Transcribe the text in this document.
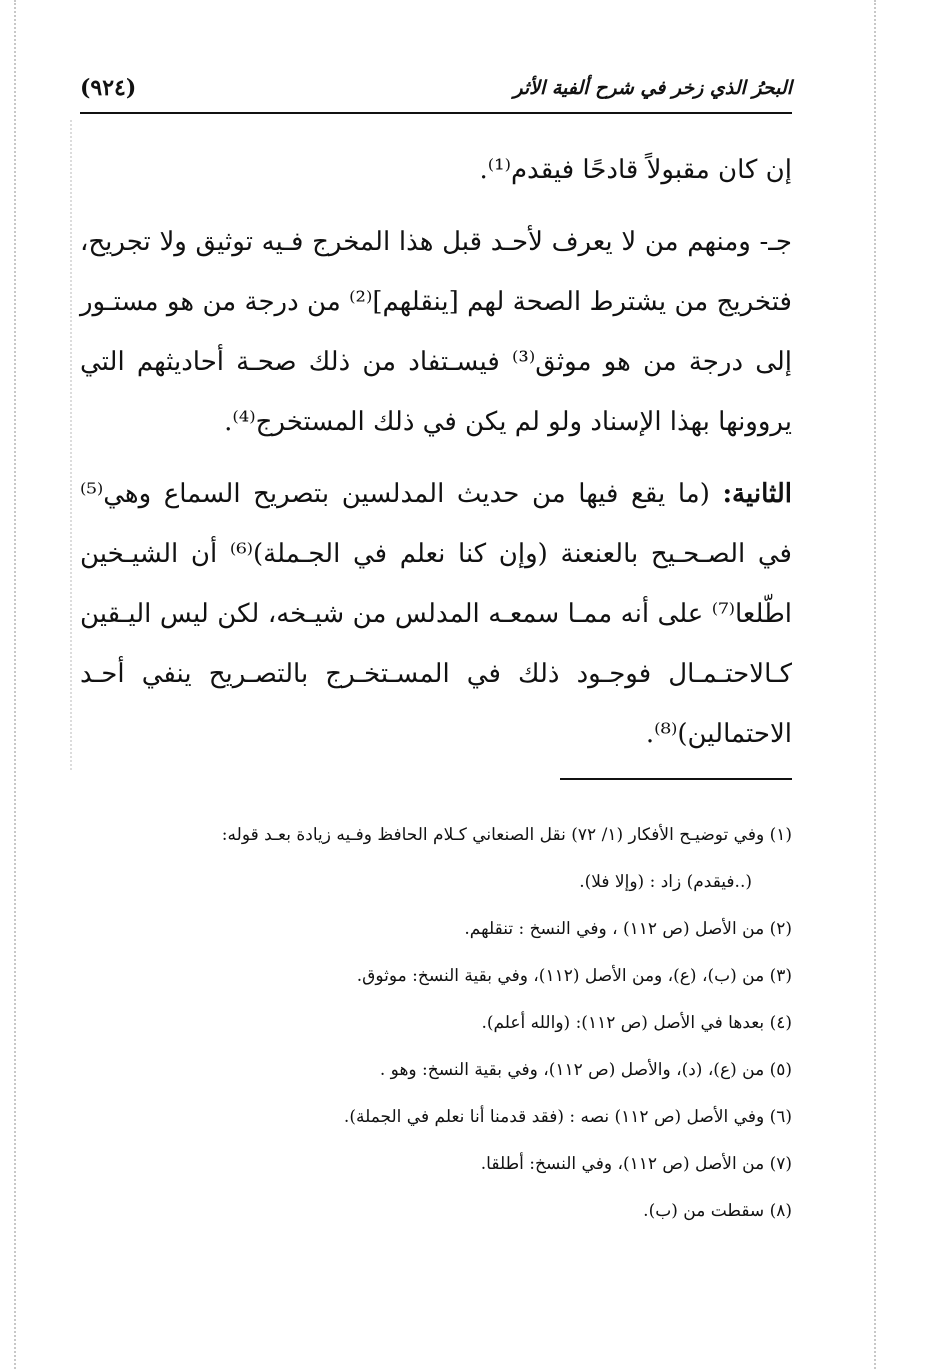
البحرُ الذي زخر في شرح ألفية الأثر
(٩٢٤)

إن كان مقبولاً قادحًا فيقدم⁽¹⁾.

جـ- ومنهم من لا يعرف لأحـد قبل هذا المخرج فـيه توثيق ولا تجريح، فتخريج من يشترط الصحة لهم [ينقلهم]⁽²⁾ من درجة من هو مستـور إلى درجة من هو موثق⁽³⁾ فيسـتفاد من ذلك صحـة أحاديثهم التي يروونها بهذا الإسناد ولو لم يكن في ذلك المستخرج⁽⁴⁾.

الثانية: (ما يقع فيها من حديث المدلسين بتصريح السماع وهي⁽⁵⁾ في الصـحـيح بالعنعنة (وإن كنا نعلم في الجـملة)⁽⁶⁾ أن الشيـخين اطّلعا⁽⁷⁾ على أنه ممـا سمعـه المدلس من شيـخه، لكن ليس اليـقين كـالاحتـمـال فوجـود ذلك في المسـتخـرج بالتصـريح ينفي أحـد الاحتمالين)⁽⁸⁾.

(١) وفي توضيـح الأفكار (١/ ٧٢) نقل الصنعاني كـلام الحافظ وفـيه زيادة بعـد قوله:

(..فيقدم) زاد : (وإلا فلا).

(٢) من الأصل (ص ١١٢) ، وفي النسخ : تنقلهم.

(٣) من (ب)، (ع)، ومن الأصل (١١٢)، وفي بقية النسخ: موثوق.

(٤) بعدها في الأصل (ص ١١٢): (والله أعلم).

(٥) من (ع)، (د)، والأصل (ص ١١٢)، وفي بقية النسخ: وهو .

(٦) وفي الأصل (ص ١١٢) نصه : (فقد قدمنا أنا نعلم في الجملة).

(٧) من الأصل (ص ١١٢)، وفي النسخ: أطلقا.

(٨) سقطت من (ب).
